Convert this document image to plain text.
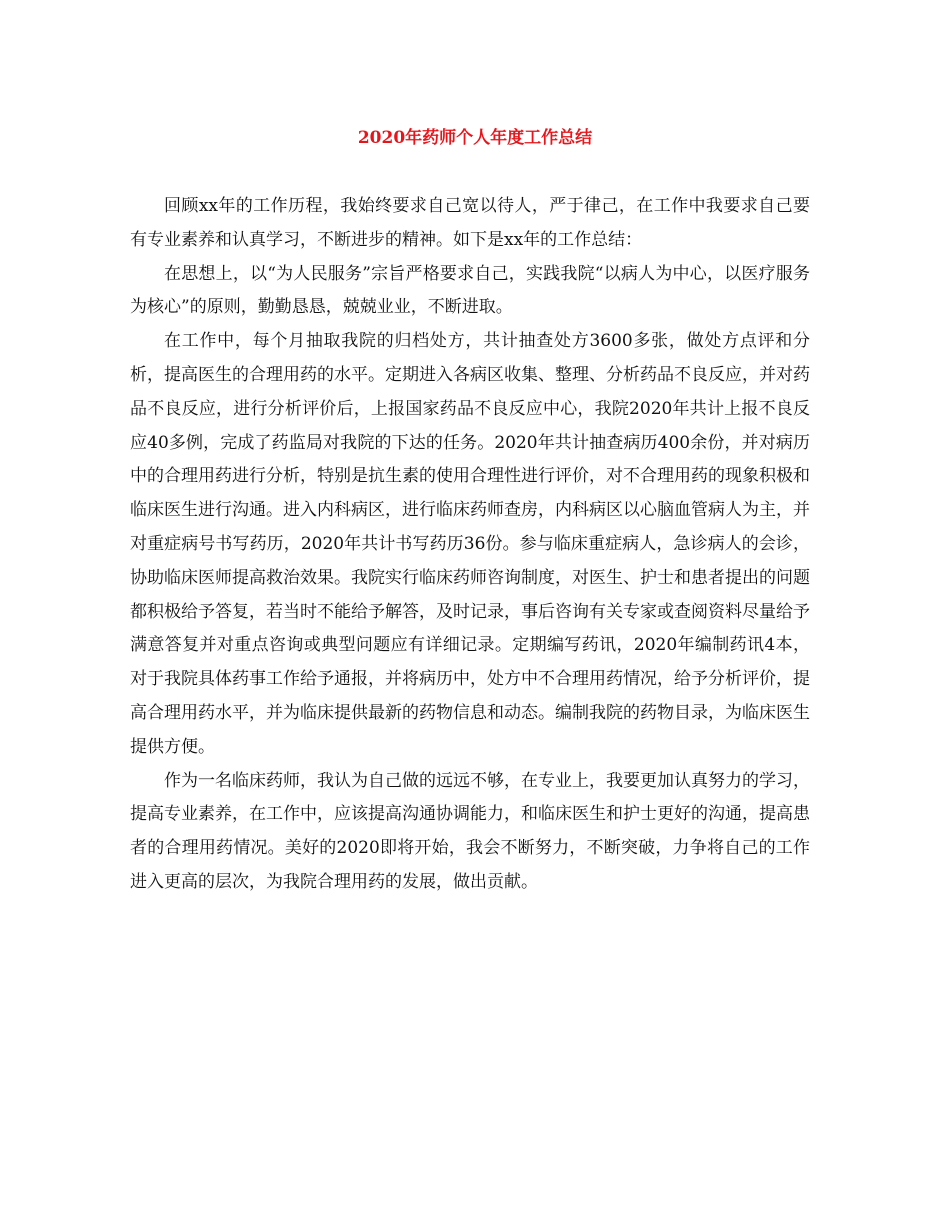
2020年药师个人年度工作总结

回顾xx年的工作历程，我始终要求自己宽以待人，严于律己，在工作中我要求自己要有专业素养和认真学习，不断进步的精神。如下是xx年的工作总结：

在思想上，以“为人民服务”宗旨严格要求自己，实践我院“以病人为中心，以医疗服务为核心”的原则，勤勤恳恳，兢兢业业，不断进取。

在工作中，每个月抽取我院的归档处方，共计抽查处方3600多张，做处方点评和分析，提高医生的合理用药的水平。定期进入各病区收集、整理、分析药品不良反应，并对药品不良反应，进行分析评价后，上报国家药品不良反应中心，我院2020年共计上报不良反应40多例，完成了药监局对我院的下达的任务。2020年共计抽查病历400余份，并对病历中的合理用药进行分析，特别是抗生素的使用合理性进行评价，对不合理用药的现象积极和临床医生进行沟通。进入内科病区，进行临床药师查房，内科病区以心脑血管病人为主，并对重症病号书写药历，2020年共计书写药历36份。参与临床重症病人，急诊病人的会诊，协助临床医师提高救治效果。我院实行临床药师咨询制度，对医生、护士和患者提出的问题都积极给予答复，若当时不能给予解答，及时记录，事后咨询有关专家或查阅资料尽量给予满意答复并对重点咨询或典型问题应有详细记录。定期编写药讯，2020年编制药讯4本，对于我院具体药事工作给予通报，并将病历中，处方中不合理用药情况，给予分析评价，提高合理用药水平，并为临床提供最新的药物信息和动态。编制我院的药物目录，为临床医生提供方便。

作为一名临床药师，我认为自己做的远远不够，在专业上，我要更加认真努力的学习，提高专业素养，在工作中，应该提高沟通协调能力，和临床医生和护士更好的沟通，提高患者的合理用药情况。美好的2020即将开始，我会不断努力，不断突破，力争将自己的工作进入更高的层次，为我院合理用药的发展，做出贡献。
